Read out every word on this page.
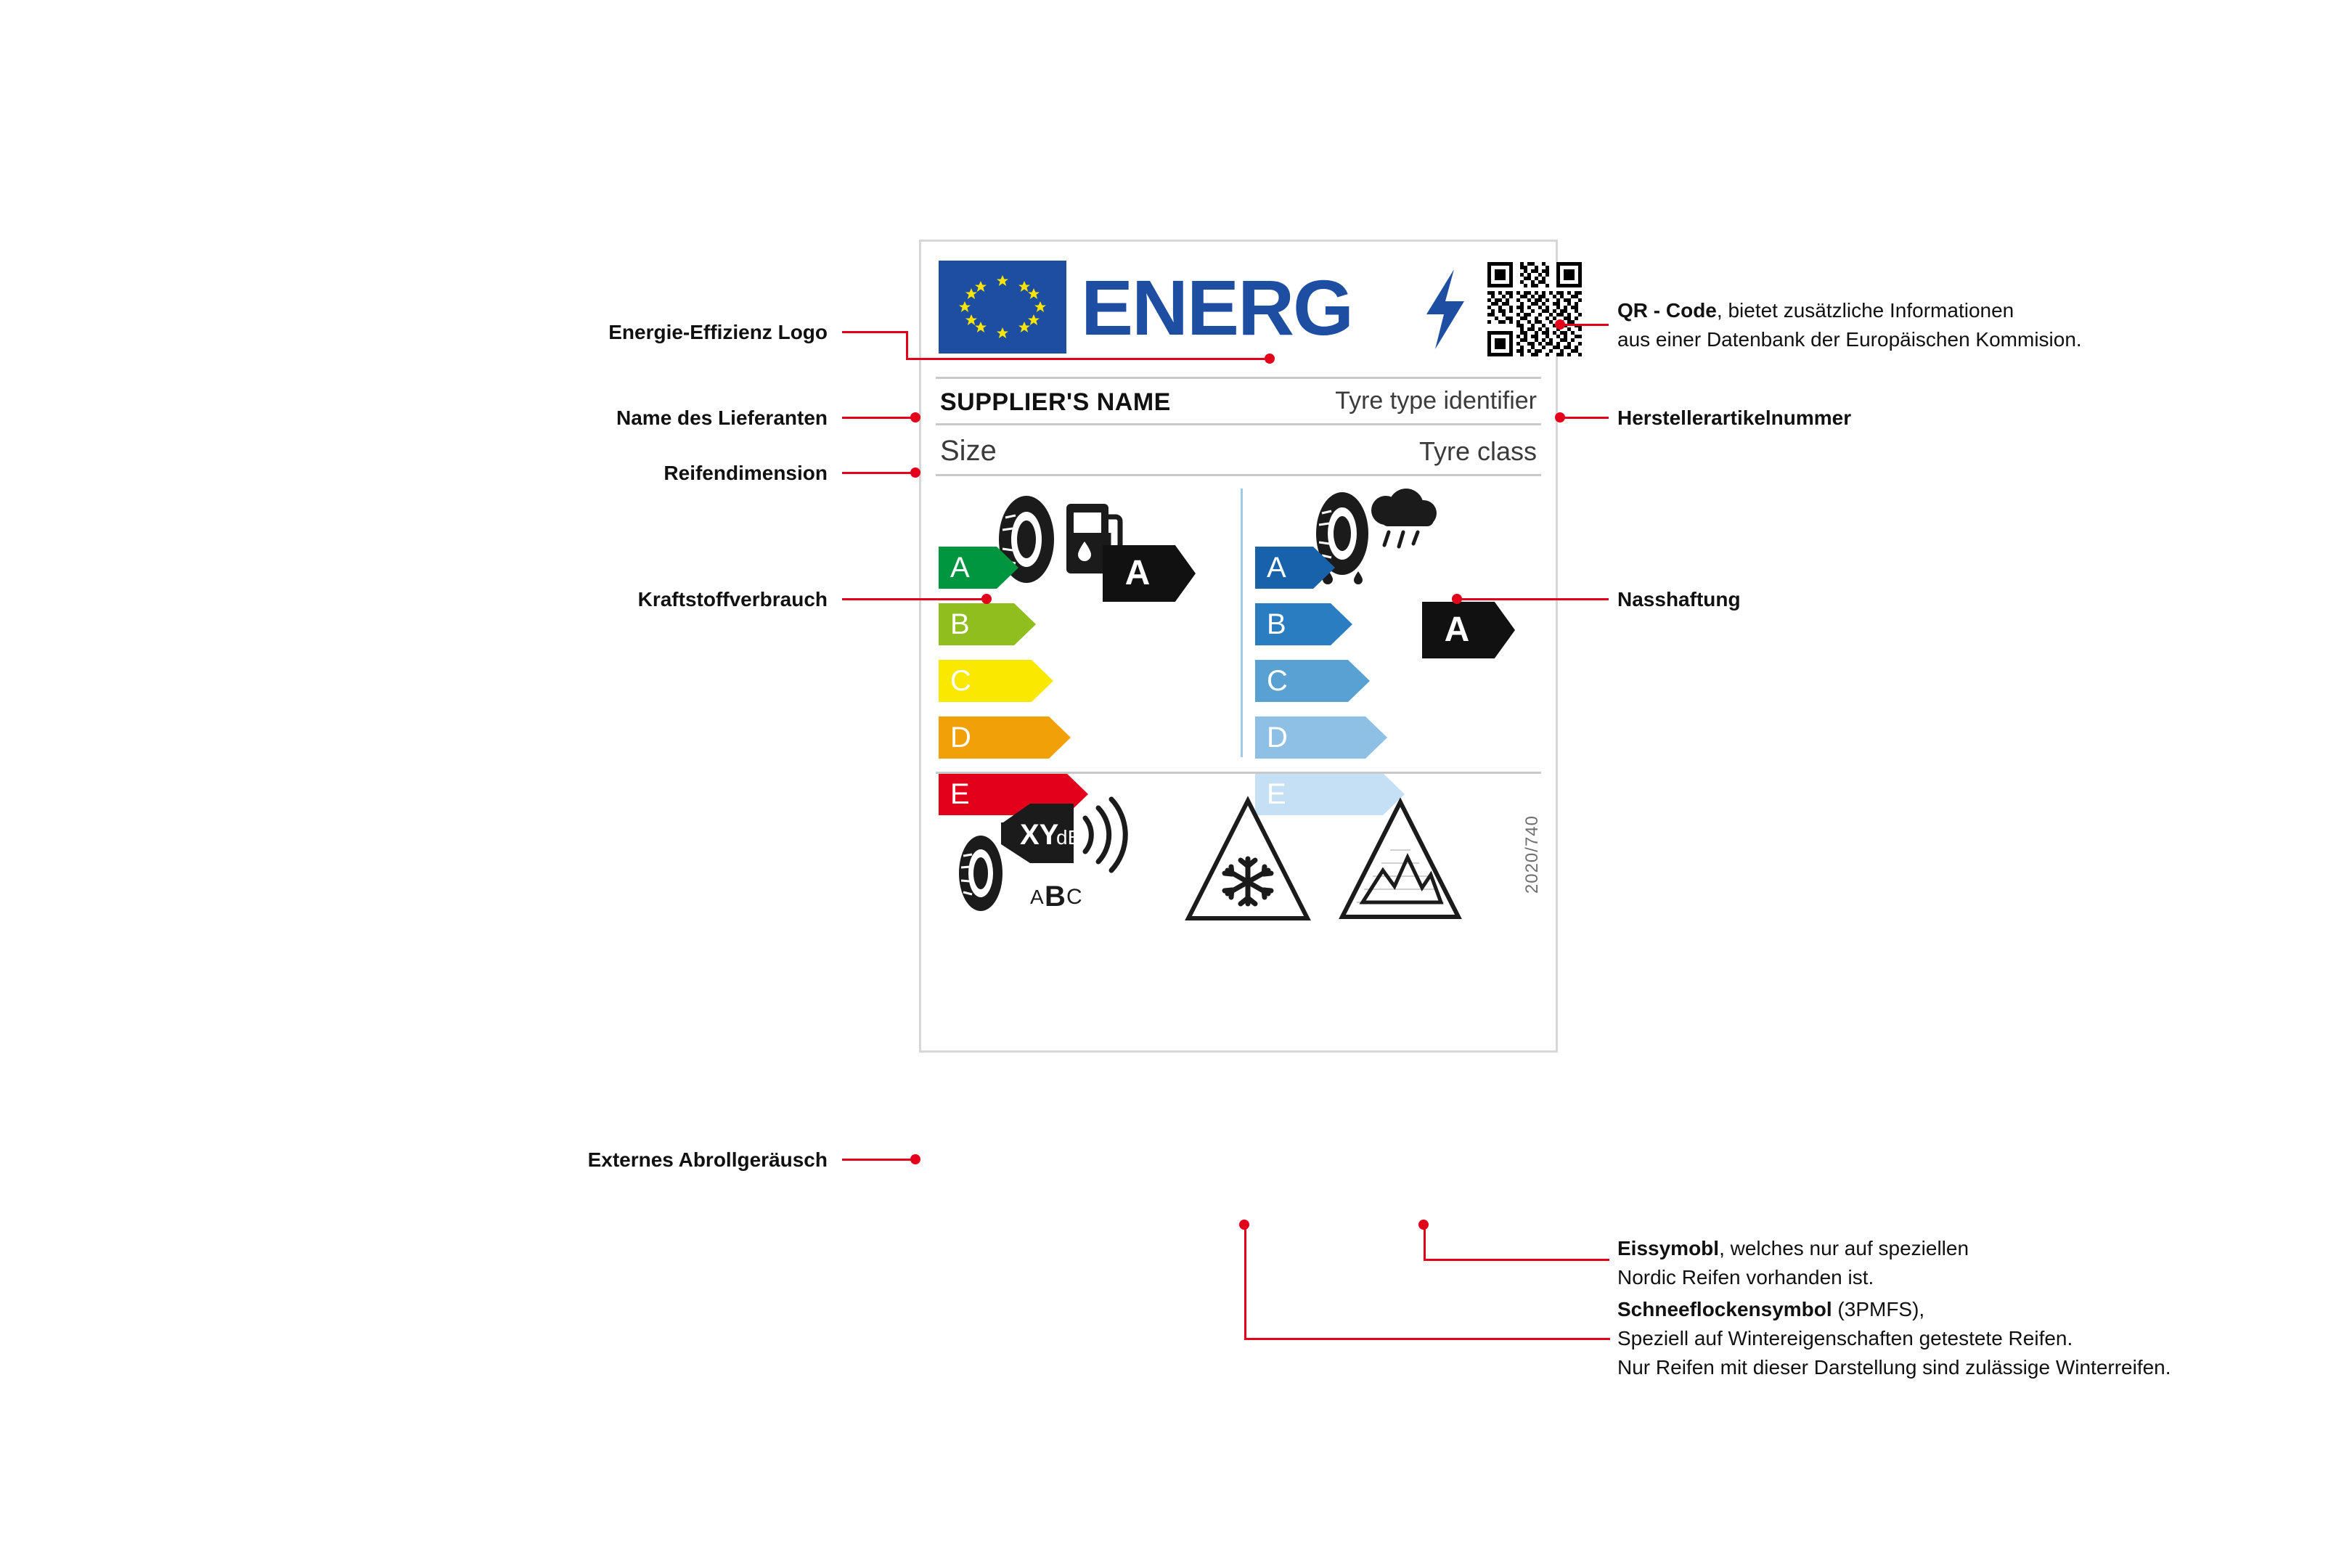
ENERG
SUPPLIER'S NAME	Tyre type identifier
Size	Tyre class
A
B
C
D
E
A
B
C
D
E
A
A
XY
dB
A B C
2020/740
Energie-Effizienz Logo
Name des Lieferanten
Reifendimension
Kraftstoffverbrauch
Externes Abrollgeräusch
QR - Code, bietet zusätzliche Informationen
aus einer Datenbank der Europäischen Kommision.
Herstellerartikelnummer
Nasshaftung
Eissymobl, welches nur auf speziellen
Nordic Reifen vorhanden ist.
Schneeflockensymbol (3PMFS),
Speziell auf Wintereigenschaften getestete Reifen.
Nur Reifen mit dieser Darstellung sind zulässige Winterreifen.
